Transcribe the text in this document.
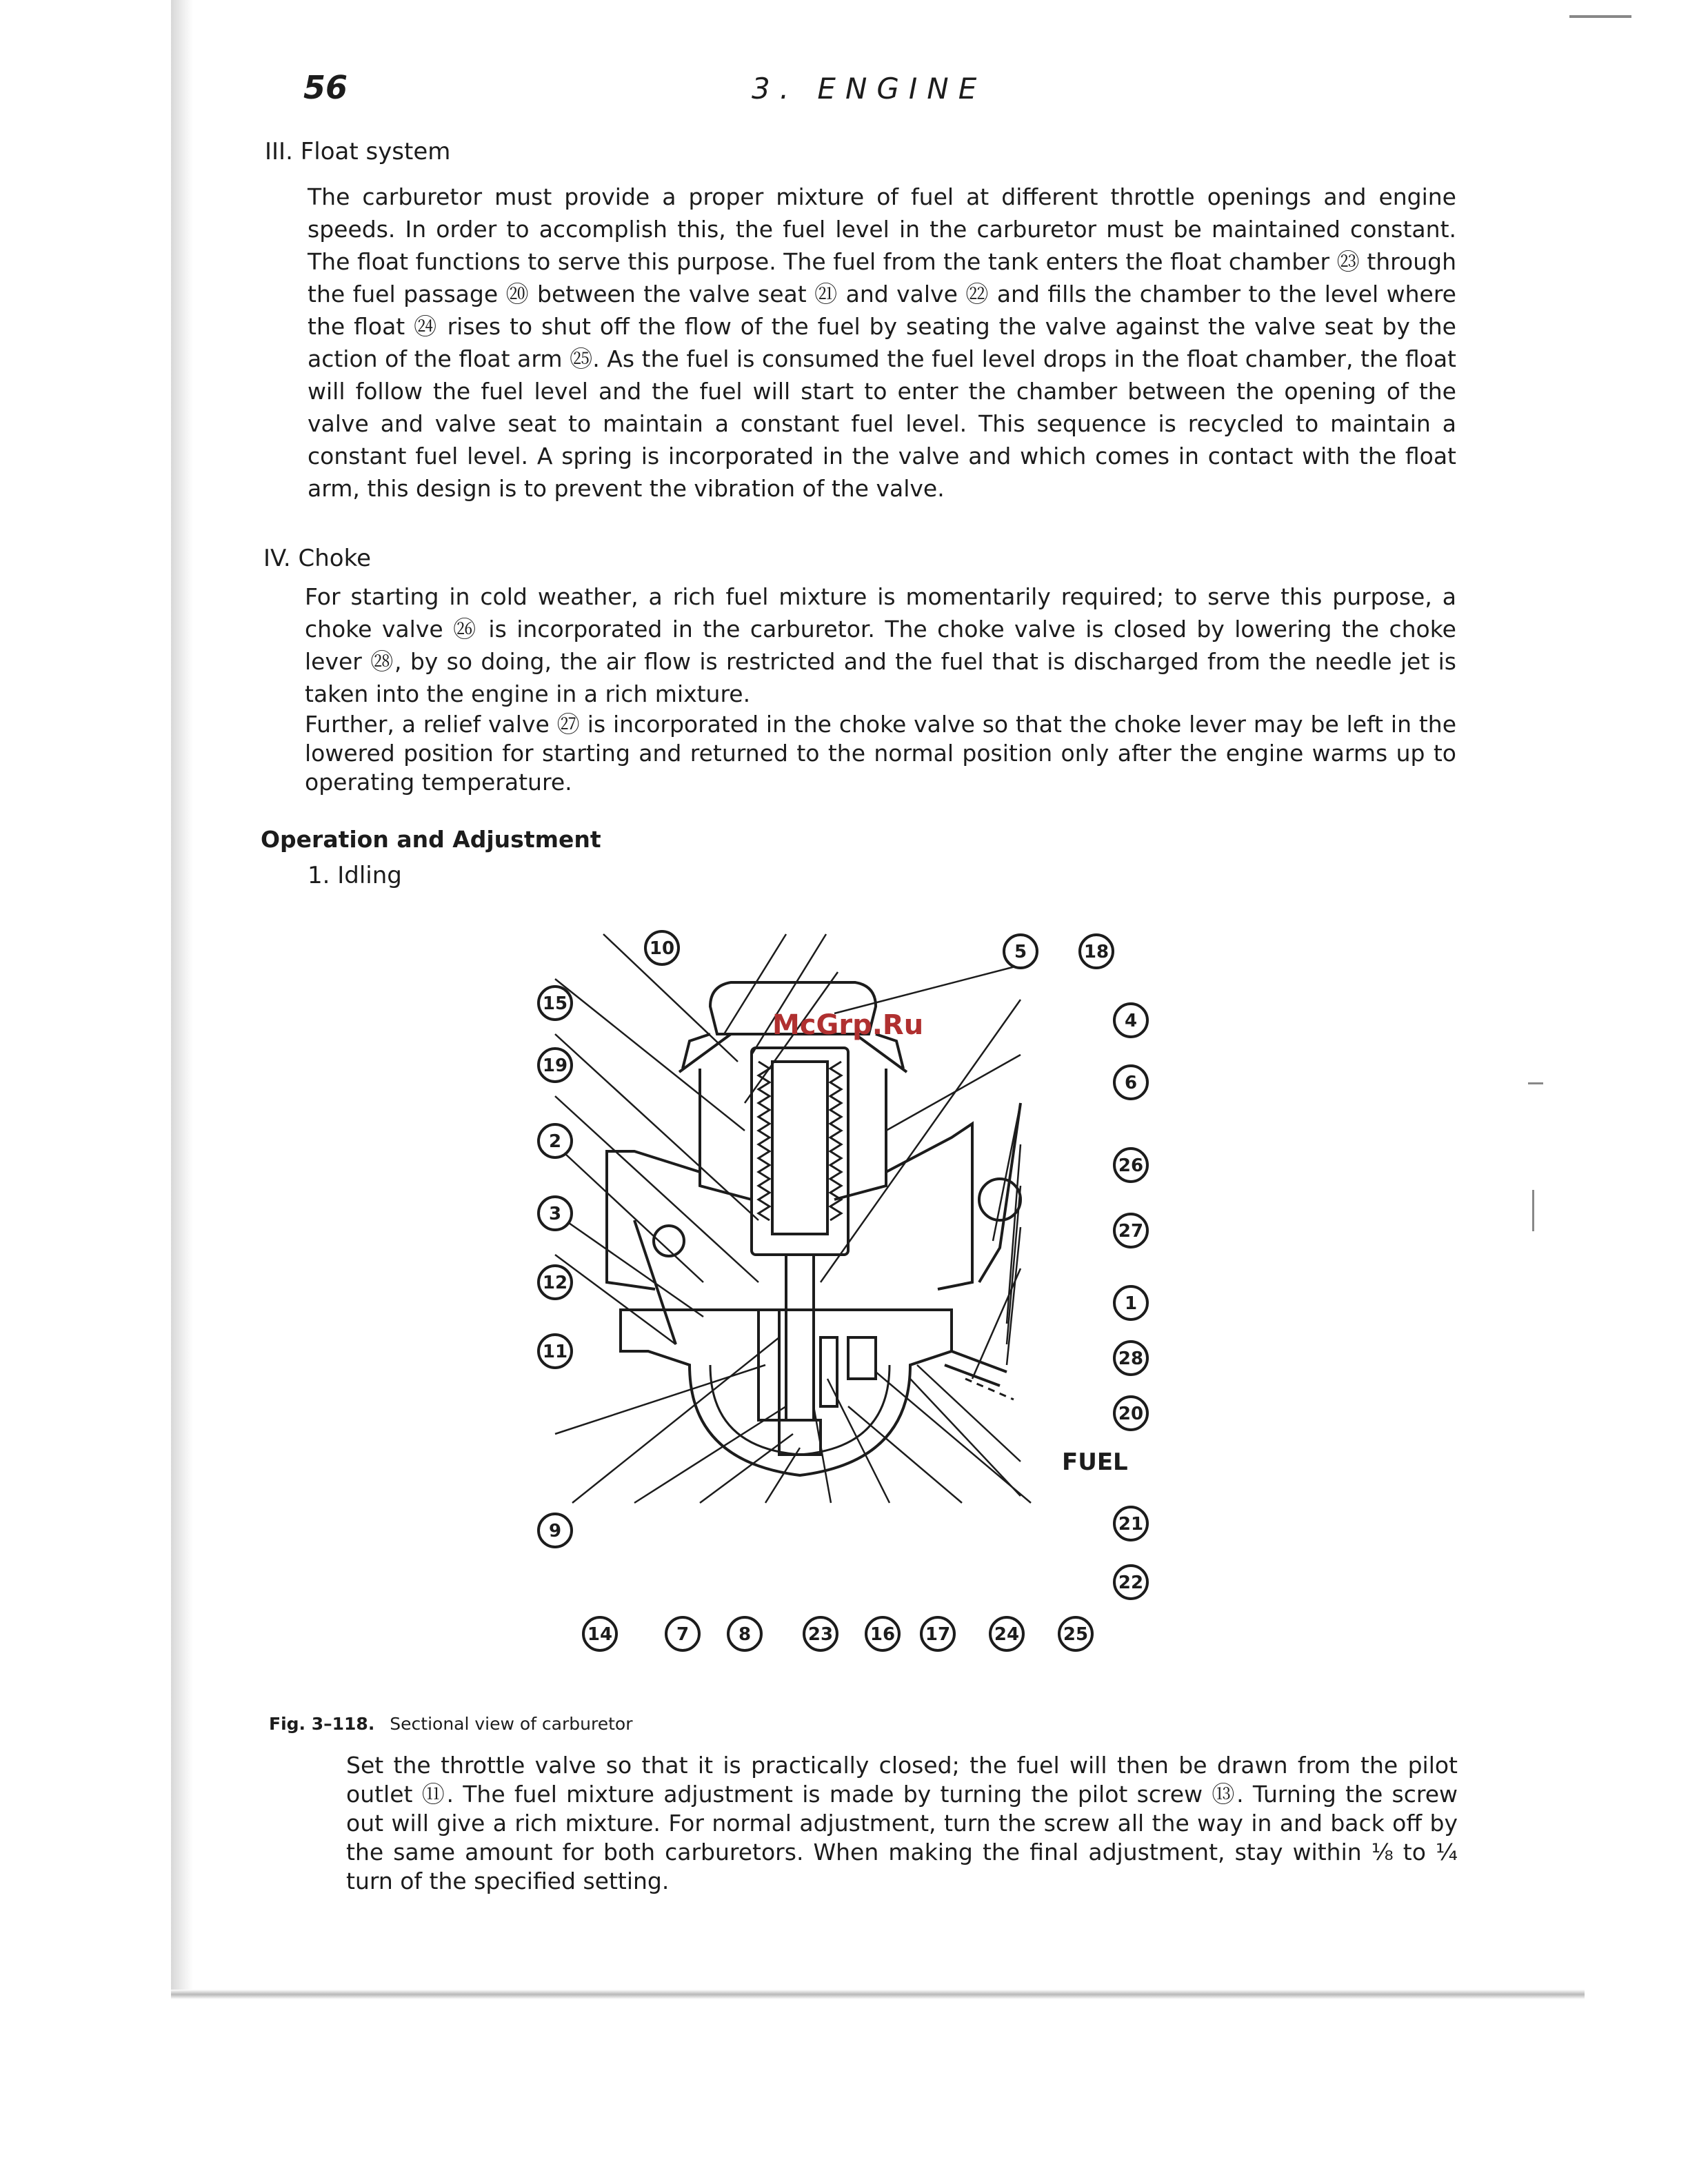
56	3. ENGINE
III. Float system

The carburetor must provide a proper mixture of fuel at different throttle openings and engine speeds. In order to accomplish this, the fuel level in the carburetor must be maintained constant. The float functions to serve this purpose. The fuel from the tank enters the float chamber ㉓ through the fuel passage ⑳ between the valve seat ㉑ and valve ㉒ and fills the chamber to the level where the float ㉔ rises to shut off the flow of the fuel by seating the valve against the valve seat by the action of the float arm ㉕. As the fuel is consumed the fuel level drops in the float chamber, the float will follow the fuel level and the fuel will start to enter the chamber between the opening of the valve and valve seat to maintain a constant fuel level. This sequence is recycled to maintain a constant fuel level. A spring is incorporated in the valve and which comes in contact with the float arm, this design is to prevent the vibration of the valve.

IV. Choke

For starting in cold weather, a rich fuel mixture is momentarily required; to serve this purpose, a choke valve ㉖ is incorporated in the carburetor. The choke valve is closed by lowering the choke lever ㉘, by so doing, the air flow is restricted and the fuel that is discharged from the needle jet is taken into the engine in a rich mixture.

Further, a relief valve ㉗ is incorporated in the choke valve so that the choke lever may be left in the lowered position for starting and returned to the normal position only after the engine warms up to operating temperature.

Operation and Adjustment
1. Idling
McGrp.Ru
FUEL
10	5	18
15
4
19
6
2
26
3
27
12
1
11	28
20
9	21
22
14	7	8	23 16 17 24 25
Fig. 3–118. Sectional view of carburetor

Set the throttle valve so that it is practically closed; the fuel will then be drawn from the pilot outlet ⑪. The fuel mixture adjustment is made by turning the pilot screw ⑬. Turning the screw out will give a rich mixture. For normal adjustment, turn the screw all the way in and back off by the same amount for both carburetors. When making the final adjustment, stay within ⅛ to ¼ turn of the specified setting.
